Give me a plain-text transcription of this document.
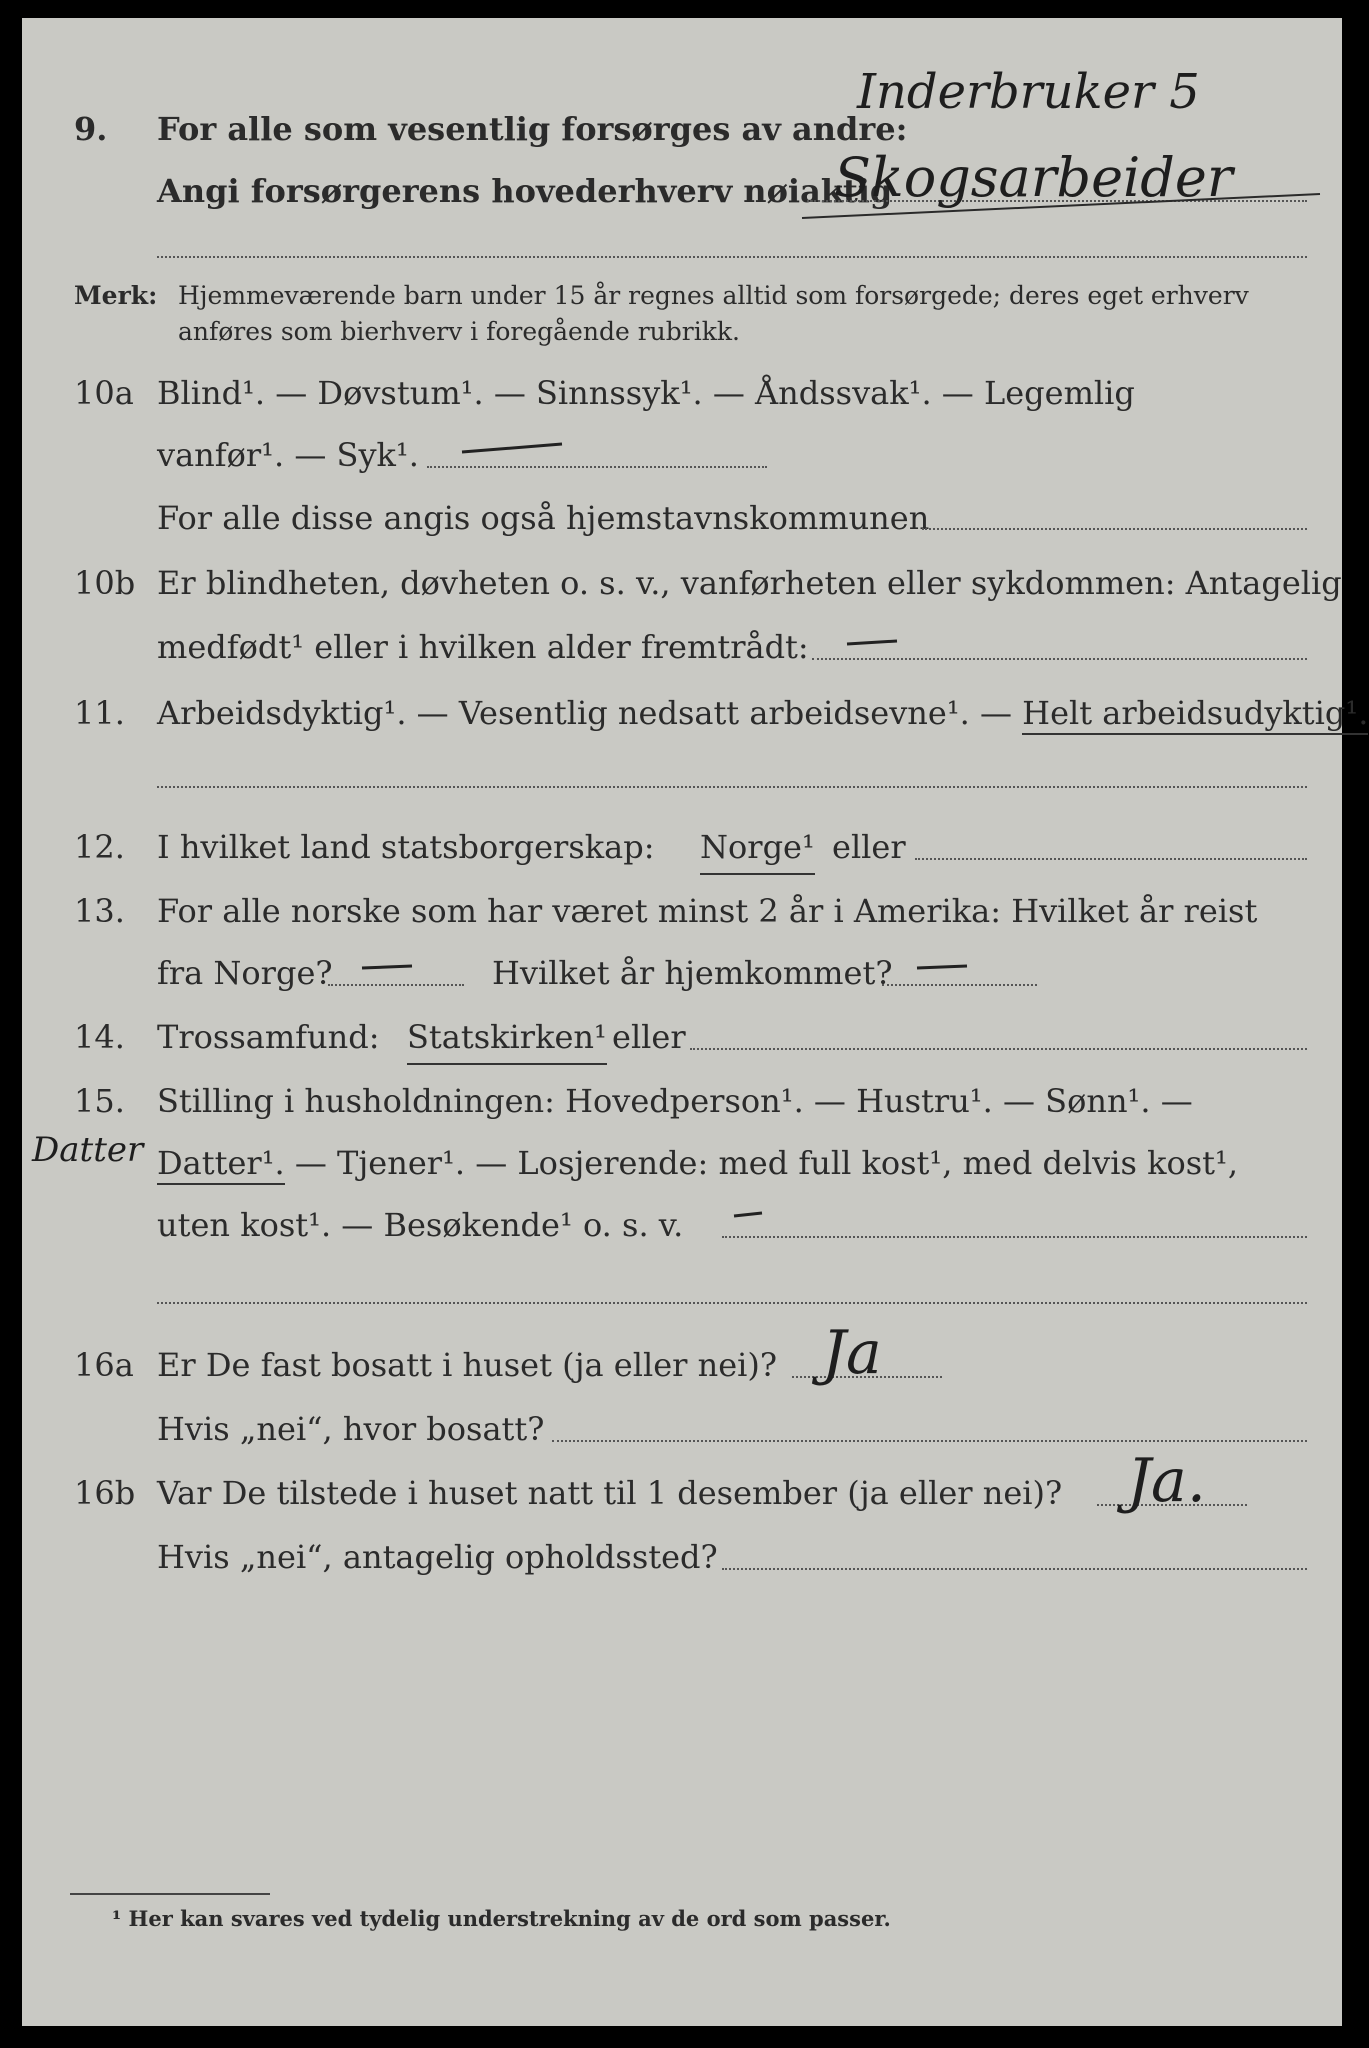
9. For alle som vesentlig forsørges av andre:
Inderbruker 5
Angi forsørgerens hovederhverv nøiaktig
Skogsarbeider
Merk: Hjemmeværende barn under 15 år regnes alltid som forsørgede; deres eget erhverv
anføres som bierhverv i foregående rubrikk.
10a Blind¹. — Døvstum¹. — Sinnssyk¹. — Åndssvak¹. — Legemlig
vanfør¹. — Syk¹.
For alle disse angis også hjemstavnskommunen
10b Er blindheten, døvheten o. s. v., vanførheten eller sykdommen: Antagelig
medfødt¹ eller i hvilken alder fremtrådt:
11. Arbeidsdyktig¹. — Vesentlig nedsatt arbeidsevne¹. — Helt arbeidsudyktig¹.
12. I hvilket land statsborgerskap: Norge¹ eller
13. For alle norske som har været minst 2 år i Amerika: Hvilket år reist
fra Norge?	Hvilket år hjemkommet?
14. Trossamfund: Statskirken¹ eller
15. Stilling i husholdningen: Hovedperson¹. — Hustru¹. — Sønn¹. —
Datter Datter¹. — Tjener¹. — Losjerende: med full kost¹, med delvis kost¹,
uten kost¹. — Besøkende¹ o. s. v.
16a Er De fast bosatt i huset (ja eller nei)? Ja
Hvis „nei“, hvor bosatt?
16b Var De tilstede i huset natt til 1 desember (ja eller nei)? Ja.
Hvis „nei“, antagelig opholdssted?
¹ Her kan svares ved tydelig understrekning av de ord som passer.
